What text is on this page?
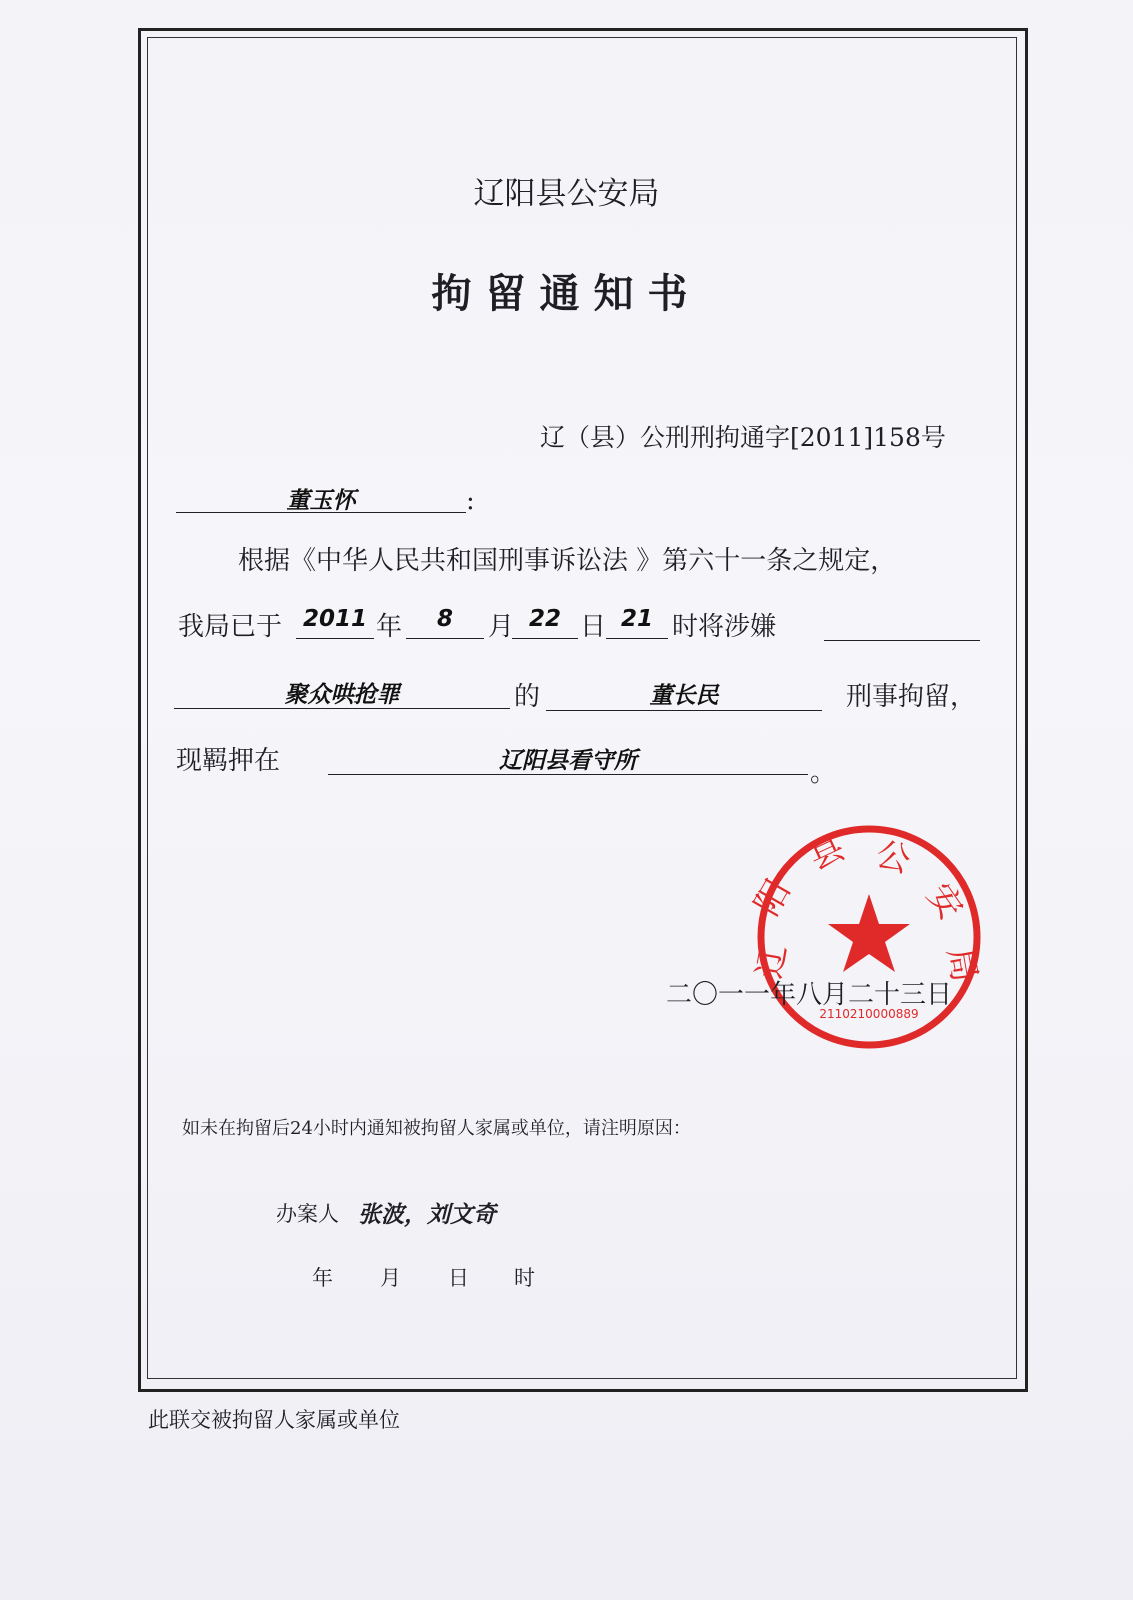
辽阳县公安局
拘留通知书
辽（县）公刑刑拘通字[2011]158号
董玉怀	:
根据《中华人民共和国刑事诉讼法 》第六十一条之规定，
我局已于 2011 年	8	月 22 日 21 时将涉嫌
聚众哄抢罪	的	董长民	刑事拘留，
现羁押在	辽阳县看守所	。
辽
阳
县 公
安
局
2110210000889
二〇一一年八月二十三日
如未在拘留后24小时内通知被拘留人家属或单位，请注明原因：
办案人 张波，刘文奇
年 月 日 时
此联交被拘留人家属或单位
